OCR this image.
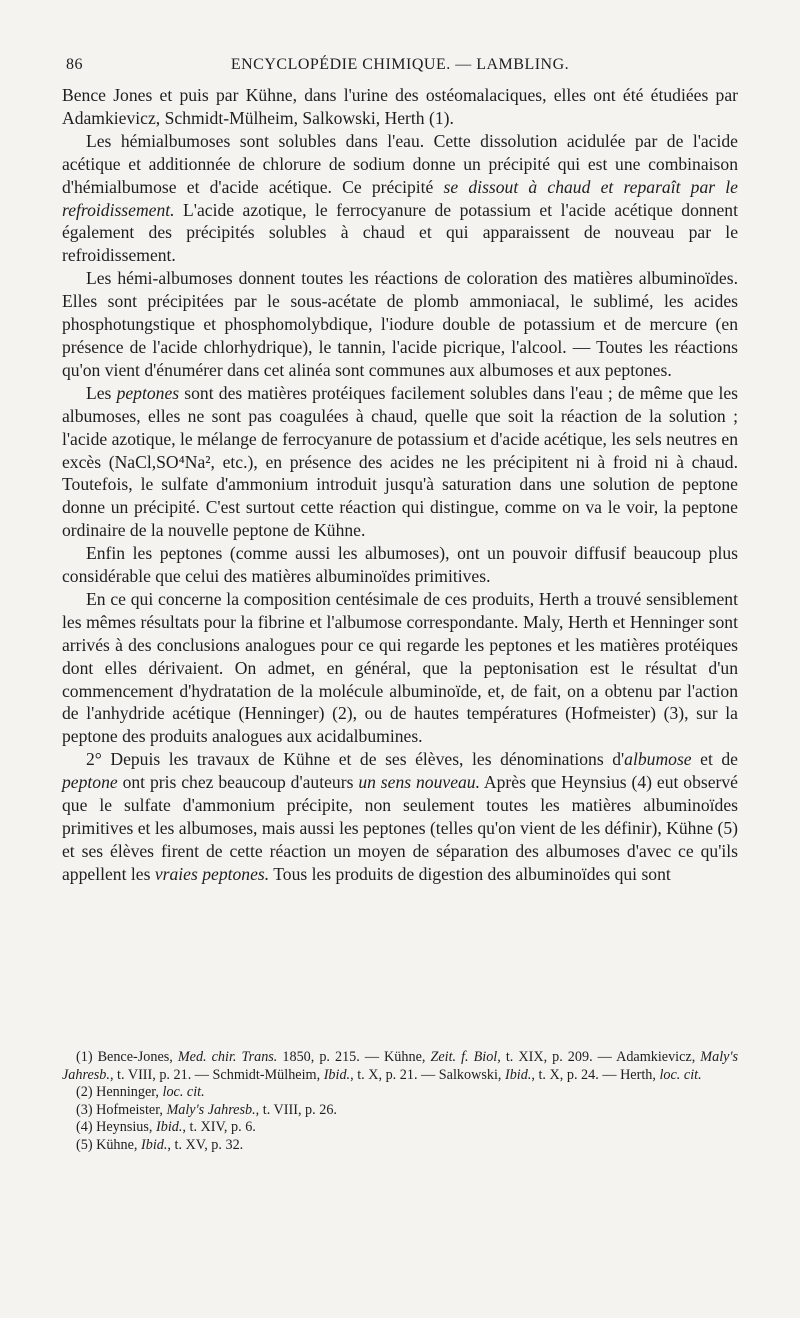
86	ENCYCLOPÉDIE CHIMIQUE. — LAMBLING.

Bence Jones et puis par Kühne, dans l'urine des ostéomalaciques, elles ont été étudiées par Adamkievicz, Schmidt-Mülheim, Salkowski, Herth (1).

Les hémialbumoses sont solubles dans l'eau. Cette dissolution acidulée par de l'acide acétique et additionnée de chlorure de sodium donne un précipité qui est une combinaison d'hémialbumose et d'acide acétique. Ce précipité se dissout à chaud et reparaît par le refroidissement. L'acide azotique, le ferrocyanure de potassium et l'acide acétique donnent également des précipités solubles à chaud et qui apparaissent de nouveau par le refroidissement.

Les hémi-albumoses donnent toutes les réactions de coloration des matières albuminoïdes. Elles sont précipitées par le sous-acétate de plomb ammoniacal, le sublimé, les acides phosphotungstique et phosphomolybdique, l'iodure double de potassium et de mercure (en présence de l'acide chlorhydrique), le tannin, l'acide picrique, l'alcool. — Toutes les réactions qu'on vient d'énumérer dans cet alinéa sont communes aux albumoses et aux peptones.

Les peptones sont des matières protéiques facilement solubles dans l'eau ; de même que les albumoses, elles ne sont pas coagulées à chaud, quelle que soit la réaction de la solution ; l'acide azotique, le mélange de ferrocyanure de potassium et d'acide acétique, les sels neutres en excès (NaCl,SO⁴Na², etc.), en présence des acides ne les précipitent ni à froid ni à chaud. Toutefois, le sulfate d'ammonium introduit jusqu'à saturation dans une solution de peptone donne un précipité. C'est surtout cette réaction qui distingue, comme on va le voir, la peptone ordinaire de la nouvelle peptone de Kühne.

Enfin les peptones (comme aussi les albumoses), ont un pouvoir diffusif beaucoup plus considérable que celui des matières albuminoïdes primitives.

En ce qui concerne la composition centésimale de ces produits, Herth a trouvé sensiblement les mêmes résultats pour la fibrine et l'albumose correspondante. Maly, Herth et Henninger sont arrivés à des conclusions analogues pour ce qui regarde les peptones et les matières protéiques dont elles dérivaient. On admet, en général, que la peptonisation est le résultat d'un commencement d'hydratation de la molécule albuminoïde, et, de fait, on a obtenu par l'action de l'anhydride acétique (Henninger) (2), ou de hautes températures (Hofmeister) (3), sur la peptone des produits analogues aux acidalbumines.

2° Depuis les travaux de Kühne et de ses élèves, les dénominations d'albumose et de peptone ont pris chez beaucoup d'auteurs un sens nouveau. Après que Heynsius (4) eut observé que le sulfate d'ammonium précipite, non seulement toutes les matières albuminoïdes primitives et les albumoses, mais aussi les peptones (telles qu'on vient de les définir), Kühne (5) et ses élèves firent de cette réaction un moyen de séparation des albumoses d'avec ce qu'ils appellent les vraies peptones. Tous les produits de digestion des albuminoïdes qui sont

(1) Bence-Jones, Med. chir. Trans. 1850, p. 215. — Kühne, Zeit. f. Biol, t. XIX, p. 209. — Adamkievicz, Maly's Jahresb., t. VIII, p. 21. — Schmidt-Mülheim, Ibid., t. X, p. 21. — Salkowski, Ibid., t. X, p. 24. — Herth, loc. cit.

(2) Henninger, loc. cit.

(3) Hofmeister, Maly's Jahresb., t. VIII, p. 26.

(4) Heynsius, Ibid., t. XIV, p. 6.

(5) Kühne, Ibid., t. XV, p. 32.
